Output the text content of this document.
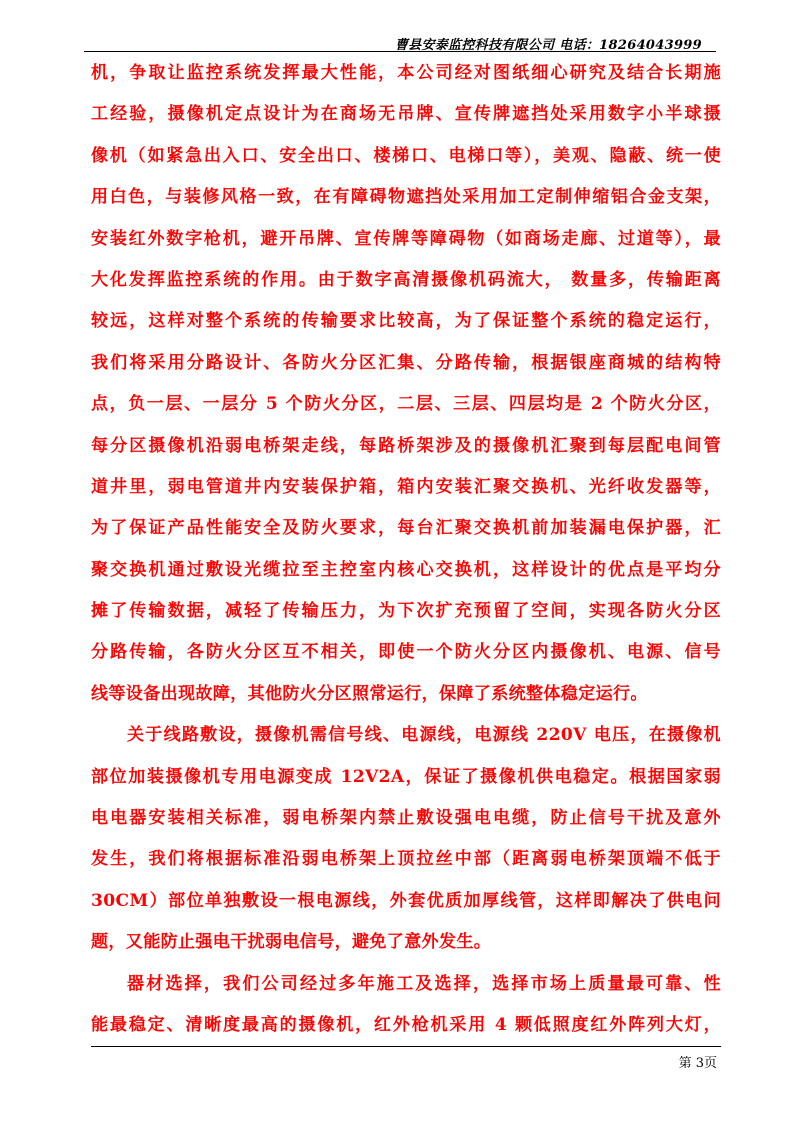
曹县安泰监控科技有限公司 电话：18264043999
机，争取让监控系统发挥最大性能，本公司经对图纸细心研究及结合长期施
工经验，摄像机定点设计为在商场无吊牌、宣传牌遮挡处采用数字小半球摄
像机（如紧急出入口、安全出口、楼梯口、电梯口等），美观、隐蔽、统一使
用白色，与装修风格一致，在有障碍物遮挡处采用加工定制伸缩铝合金支架，
安装红外数字枪机，避开吊牌、宣传牌等障碍物（如商场走廊、过道等），最
大化发挥监控系统的作用。由于数字高清摄像机码流大， 数量多，传输距离
较远，这样对整个系统的传输要求比较高，为了保证整个系统的稳定运行，
我们将采用分路设计、各防火分区汇集、分路传输，根据银座商城的结构特
点，负一层、一层分 5 个防火分区，二层、三层、四层均是 2 个防火分区，
每分区摄像机沿弱电桥架走线，每路桥架涉及的摄像机汇聚到每层配电间管
道井里，弱电管道井内安装保护箱，箱内安装汇聚交换机、光纤收发器等，
为了保证产品性能安全及防火要求，每台汇聚交换机前加装漏电保护器，汇
聚交换机通过敷设光缆拉至主控室内核心交换机，这样设计的优点是平均分
摊了传输数据，减轻了传输压力，为下次扩充预留了空间，实现各防火分区
分路传输，各防火分区互不相关，即使一个防火分区内摄像机、电源、信号
线等设备出现故障，其他防火分区照常运行，保障了系统整体稳定运行。
关于线路敷设，摄像机需信号线、电源线，电源线 220V 电压，在摄像机
部位加装摄像机专用电源变成 12V2A，保证了摄像机供电稳定。根据国家弱
电电器安装相关标准，弱电桥架内禁止敷设强电电缆，防止信号干扰及意外
发生，我们将根据标准沿弱电桥架上顶拉丝中部（距离弱电桥架顶端不低于
30CM）部位单独敷设一根电源线，外套优质加厚线管，这样即解决了供电问
题，又能防止强电干扰弱电信号，避免了意外发生。
器材选择，我们公司经过多年施工及选择，选择市场上质量最可靠、性
能最稳定、清晰度最高的摄像机，红外枪机采用 4 颗低照度红外阵列大灯，
第 3页
